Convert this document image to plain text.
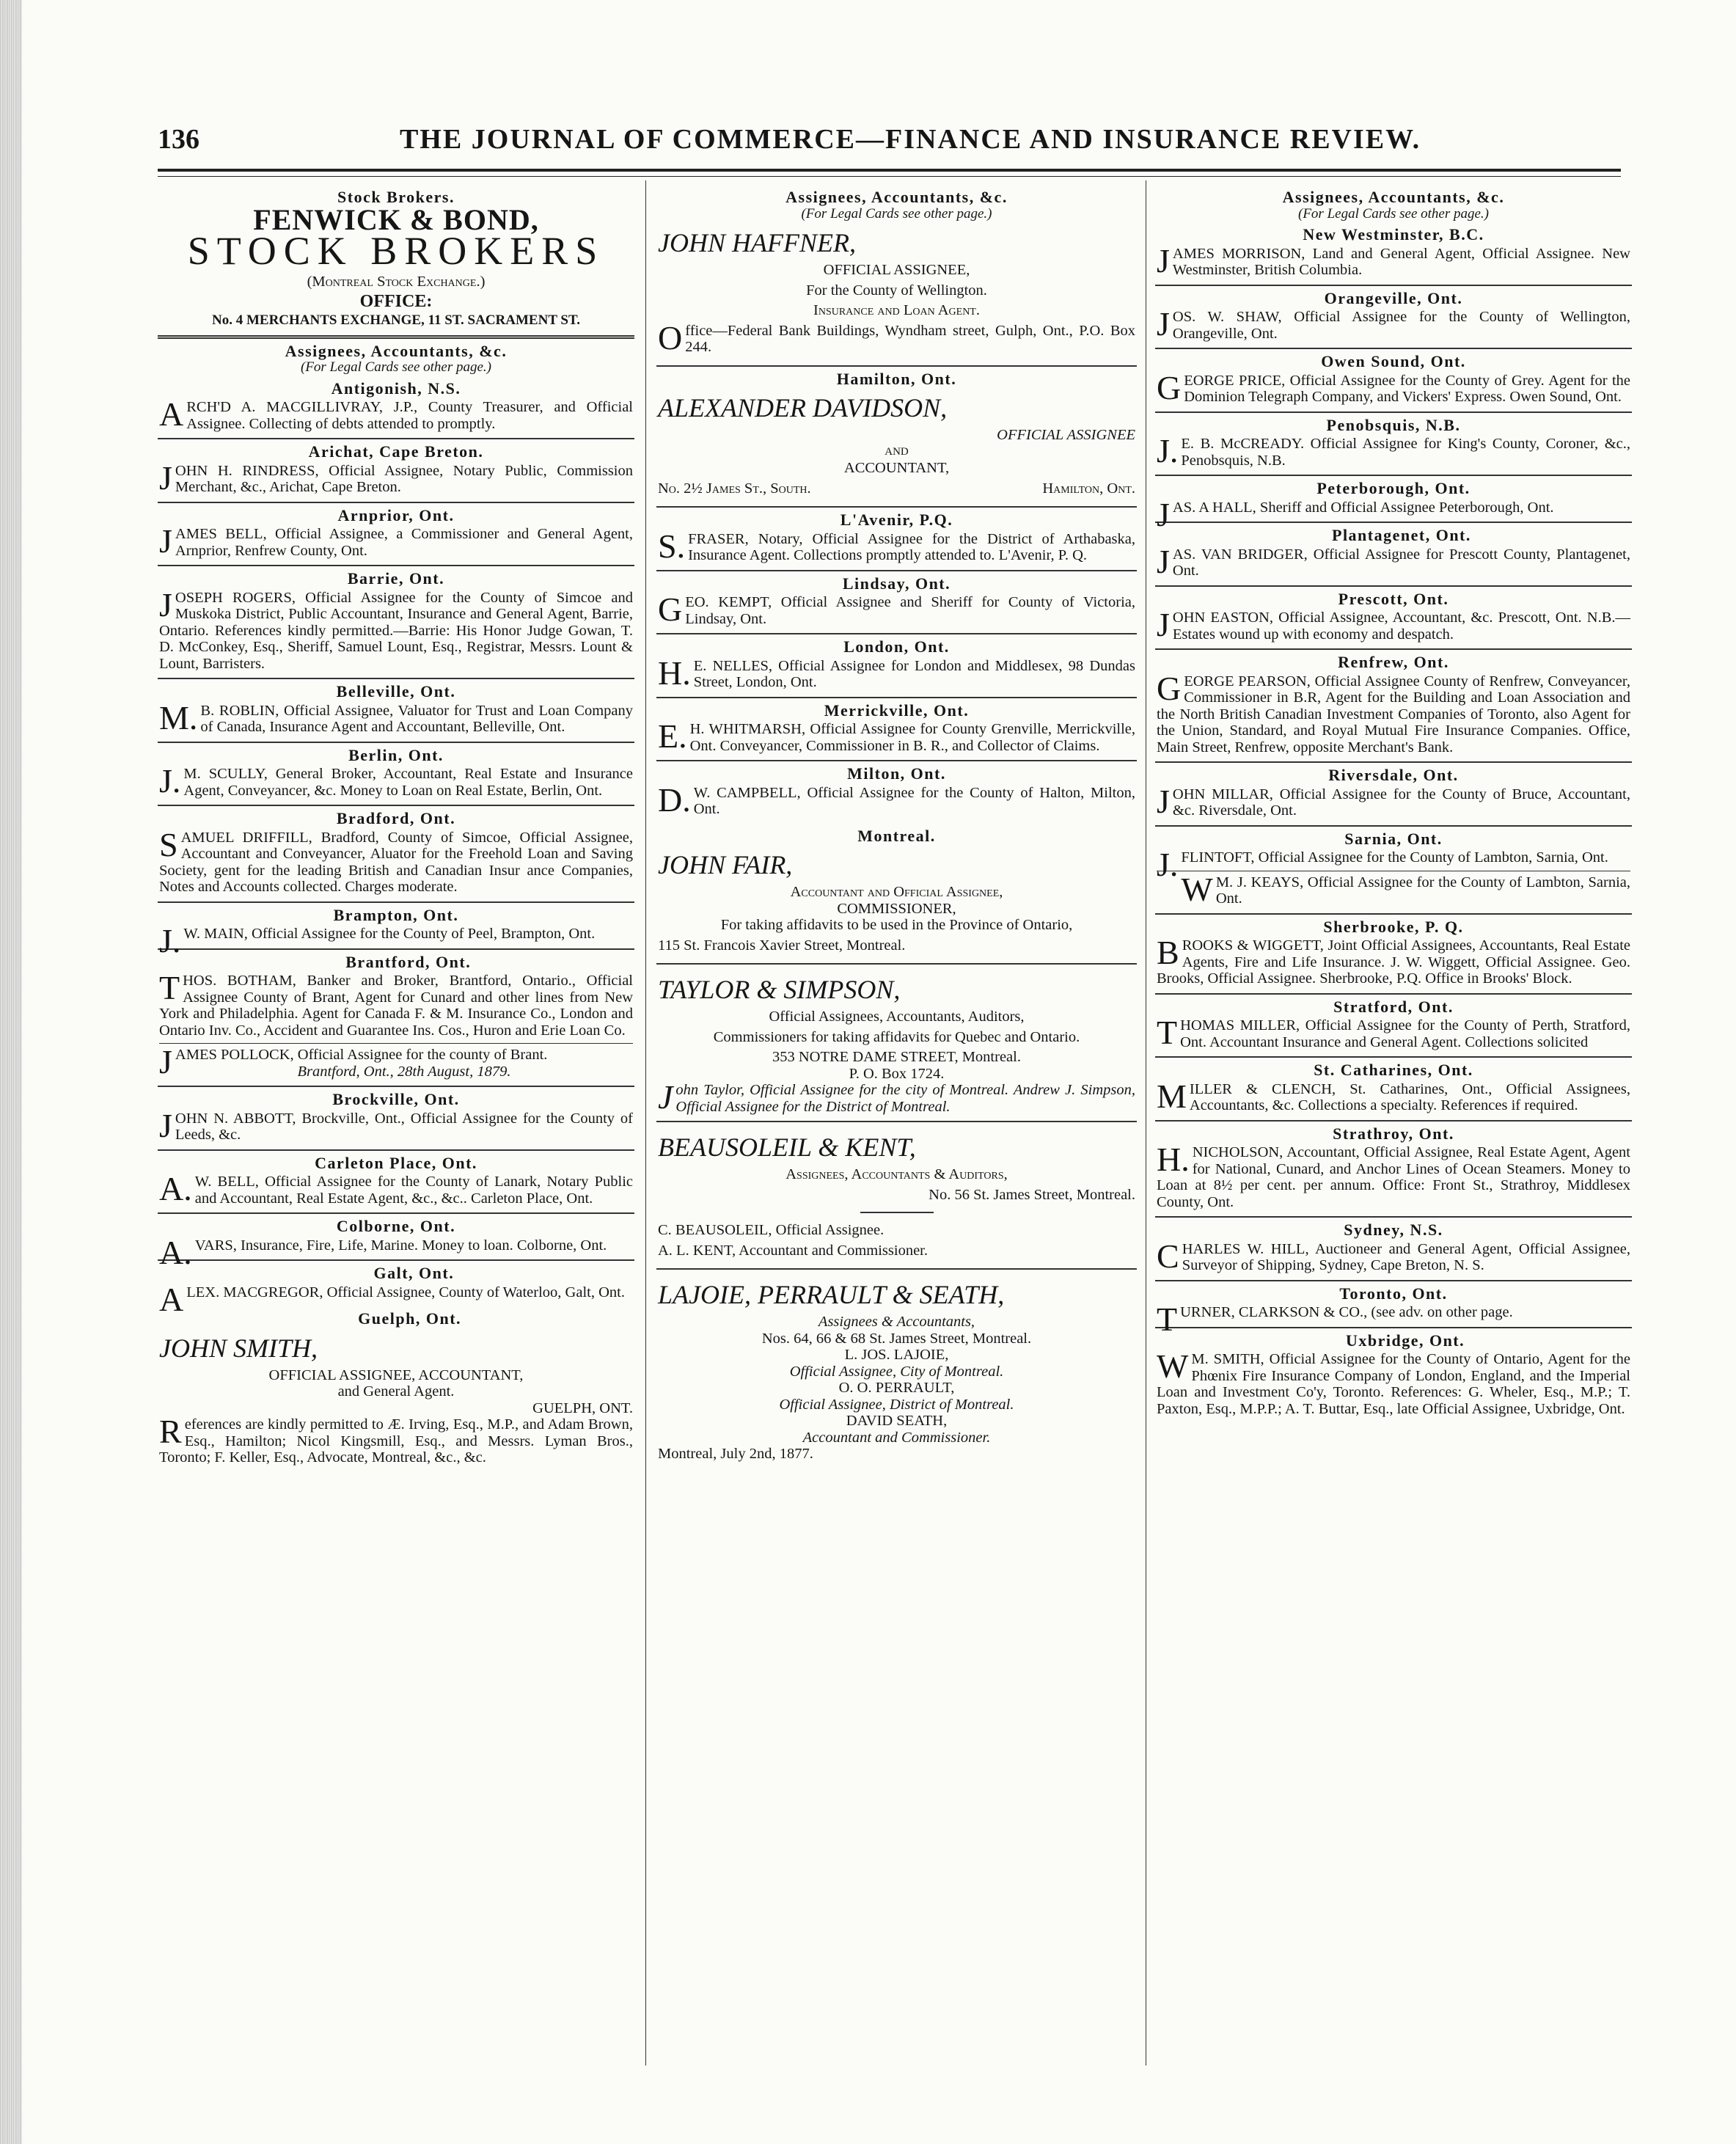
136	THE JOURNAL OF COMMERCE—FINANCE AND INSURANCE REVIEW.
Stock Brokers.
FENWICK & BOND,
STOCK BROKERS
(Montreal Stock Exchange.)
OFFICE:
No. 4 MERCHANTS EXCHANGE, 11 ST. SACRAMENT ST.
Assignees, Accountants, &c.
(For Legal Cards see other page.)
Antigonish, N.S.
ARCH'D A. MACGILLIVRAY, J.P., County Treasurer, and Official Assignee. Collecting of debts attended to promptly.
Arichat, Cape Breton.
JOHN H. RINDRESS, Official Assignee, Notary Public, Commission Merchant, &c., Arichat, Cape Breton.
Arnprior, Ont.
JAMES BELL, Official Assignee, a Commissioner and General Agent, Arnprior, Renfrew County, Ont.
Barrie, Ont.
JOSEPH ROGERS, Official Assignee for the County of Simcoe and Muskoka District, Public Accountant, Insurance and General Agent, Barrie, Ontario. References kindly permitted.—Barrie: His Honor Judge Gowan, T. D. McConkey, Esq., Sheriff, Samuel Lount, Esq., Registrar, Messrs. Lount & Lount, Barristers.
Belleville, Ont.
M.B. ROBLIN, Official Assignee, Valuator for Trust and Loan Company of Canada, Insurance Agent and Accountant, Belleville, Ont.
Berlin, Ont.
J.M. SCULLY, General Broker, Accountant, Real Estate and Insurance Agent, Conveyancer, &c. Money to Loan on Real Estate, Berlin, Ont.
Bradford, Ont.
SAMUEL DRIFFILL, Bradford, County of Simcoe, Official Assignee, Accountant and Conveyancer, Aluator for the Freehold Loan and Saving Society, gent for the leading British and Canadian Insur ance Companies, Notes and Accounts collected. Charges moderate.
Brampton, Ont.
J.W. MAIN, Official Assignee for the County of Peel, Brampton, Ont.
Brantford, Ont.
THOS. BOTHAM, Banker and Broker, Brantford, Ontario., Official Assignee County of Brant, Agent for Cunard and other lines from New York and Philadelphia. Agent for Canada F. & M. Insurance Co., London and Ontario Inv. Co., Accident and Guarantee Ins. Cos., Huron and Erie Loan Co.
JAMES POLLOCK, Official Assignee for the county of Brant.
Brantford, Ont., 28th August, 1879.
Brockville, Ont.
JOHN N. ABBOTT, Brockville, Ont., Official Assignee for the County of Leeds, &c.
Carleton Place, Ont.
A.W. BELL, Official Assignee for the County of Lanark, Notary Public and Accountant, Real Estate Agent, &c., &c.. Carleton Place, Ont.
Colborne, Ont.
A.VARS, Insurance, Fire, Life, Marine. Money to loan. Colborne, Ont.
Galt, Ont.
ALEX. MACGREGOR, Official Assignee, County of Waterloo, Galt, Ont.
Guelph, Ont.
JOHN SMITH,
OFFICIAL ASSIGNEE, ACCOUNTANT,
and General Agent.
GUELPH, ONT.
References are kindly permitted to Æ. Irving, Esq., M.P., and Adam Brown, Esq., Hamilton; Nicol Kingsmill, Esq., and Messrs. Lyman Bros., Toronto; F. Keller, Esq., Advocate, Montreal, &c., &c.
Assignees, Accountants, &c.
(For Legal Cards see other page.)
JOHN HAFFNER,
OFFICIAL ASSIGNEE,
For the County of Wellington.
Insurance and Loan Agent.
Office—Federal Bank Buildings, Wyndham street, Gulph, Ont., P.O. Box 244.
Hamilton, Ont.
ALEXANDER DAVIDSON,
OFFICIAL ASSIGNEE
AND
ACCOUNTANT,
No. 2½ James St., South.	Hamilton, Ont.
L'Avenir, P.Q.
S.FRASER, Notary, Official Assignee for the District of Arthabaska, Insurance Agent. Collections promptly attended to. L'Avenir, P. Q.
Lindsay, Ont.
GEO. KEMPT, Official Assignee and Sheriff for County of Victoria, Lindsay, Ont.
London, Ont.
H.E. NELLES, Official Assignee for London and Middlesex, 98 Dundas Street, London, Ont.
Merrickville, Ont.
E.H. WHITMARSH, Official Assignee for County Grenville, Merrickville, Ont. Conveyancer, Commissioner in B. R., and Collector of Claims.
Milton, Ont.
D.W. CAMPBELL, Official Assignee for the County of Halton, Milton, Ont.
Montreal.
JOHN FAIR,
Accountant and Official Assignee,
COMMISSIONER,
For taking affidavits to be used in the Province of Ontario,
115 St. Francois Xavier Street, Montreal.
TAYLOR & SIMPSON,
Official Assignees, Accountants, Auditors,
Commissioners for taking affidavits for Quebec and Ontario.
353 NOTRE DAME STREET, Montreal.
P. O. Box 1724.
John Taylor, Official Assignee for the city of Montreal. Andrew J. Simpson, Official Assignee for the District of Montreal.
BEAUSOLEIL & KENT,
Assignees, Accountants & Auditors,
No. 56 St. James Street, Montreal.
C. BEAUSOLEIL, Official Assignee.
A. L. KENT, Accountant and Commissioner.
LAJOIE, PERRAULT & SEATH,
Assignees & Accountants,
Nos. 64, 66 & 68 St. James Street, Montreal.
L. JOS. LAJOIE,
Official Assignee, City of Montreal.
O. O. PERRAULT,
Official Assignee, District of Montreal.
DAVID SEATH,
Accountant and Commissioner.
Montreal, July 2nd, 1877.
Assignees, Accountants, &c.
(For Legal Cards see other page.)
New Westminster, B.C.
JAMES MORRISON, Land and General Agent, Official Assignee. New Westminster, British Columbia.
Orangeville, Ont.
JOS. W. SHAW, Official Assignee for the County of Wellington, Orangeville, Ont.
Owen Sound, Ont.
GEORGE PRICE, Official Assignee for the County of Grey. Agent for the Dominion Telegraph Company, and Vickers' Express. Owen Sound, Ont.
Penobsquis, N.B.
J.E. B. McCREADY. Official Assignee for King's County, Coroner, &c., Penobsquis, N.B.
Peterborough, Ont.
JAS. A HALL, Sheriff and Official Assignee Peterborough, Ont.
Plantagenet, Ont.
JAS. VAN BRIDGER, Official Assignee for Prescott County, Plantagenet, Ont.
Prescott, Ont.
JOHN EASTON, Official Assignee, Accountant, &c. Prescott, Ont. N.B.—Estates wound up with economy and despatch.
Renfrew, Ont.
GEORGE PEARSON, Official Assignee County of Renfrew, Conveyancer, Commissioner in B.R, Agent for the Building and Loan Association and the North British Canadian Investment Companies of Toronto, also Agent for the Union, Standard, and Royal Mutual Fire Insurance Companies. Office, Main Street, Renfrew, opposite Merchant's Bank.
Riversdale, Ont.
JOHN MILLAR, Official Assignee for the County of Bruce, Accountant, &c. Riversdale, Ont.
Sarnia, Ont.
J.FLINTOFT, Official Assignee for the County of Lambton, Sarnia, Ont.
WM. J. KEAYS, Official Assignee for the County of Lambton, Sarnia, Ont.
Sherbrooke, P. Q.
BROOKS & WIGGETT, Joint Official Assignees, Accountants, Real Estate Agents, Fire and Life Insurance. J. W. Wiggett, Official Assignee. Geo. Brooks, Official Assignee. Sherbrooke, P.Q. Office in Brooks' Block.
Stratford, Ont.
THOMAS MILLER, Official Assignee for the County of Perth, Stratford, Ont. Accountant Insurance and General Agent. Collections solicited
St. Catharines, Ont.
MILLER & CLENCH, St. Catharines, Ont., Official Assignees, Accountants, &c. Collections a specialty. References if required.
Strathroy, Ont.
H.NICHOLSON, Accountant, Official Assignee, Real Estate Agent, Agent for National, Cunard, and Anchor Lines of Ocean Steamers. Money to Loan at 8½ per cent. per annum. Office: Front St., Strathroy, Middlesex County, Ont.
Sydney, N.S.
CHARLES W. HILL, Auctioneer and General Agent, Official Assignee, Surveyor of Shipping, Sydney, Cape Breton, N. S.
Toronto, Ont.
TURNER, CLARKSON & CO., (see adv. on other page.
Uxbridge, Ont.
WM. SMITH, Official Assignee for the County of Ontario, Agent for the Phœnix Fire Insurance Company of London, England, and the Imperial Loan and Investment Co'y, Toronto. References: G. Wheler, Esq., M.P.; T. Paxton, Esq., M.P.P.; A. T. Buttar, Esq., late Official Assignee, Uxbridge, Ont.
